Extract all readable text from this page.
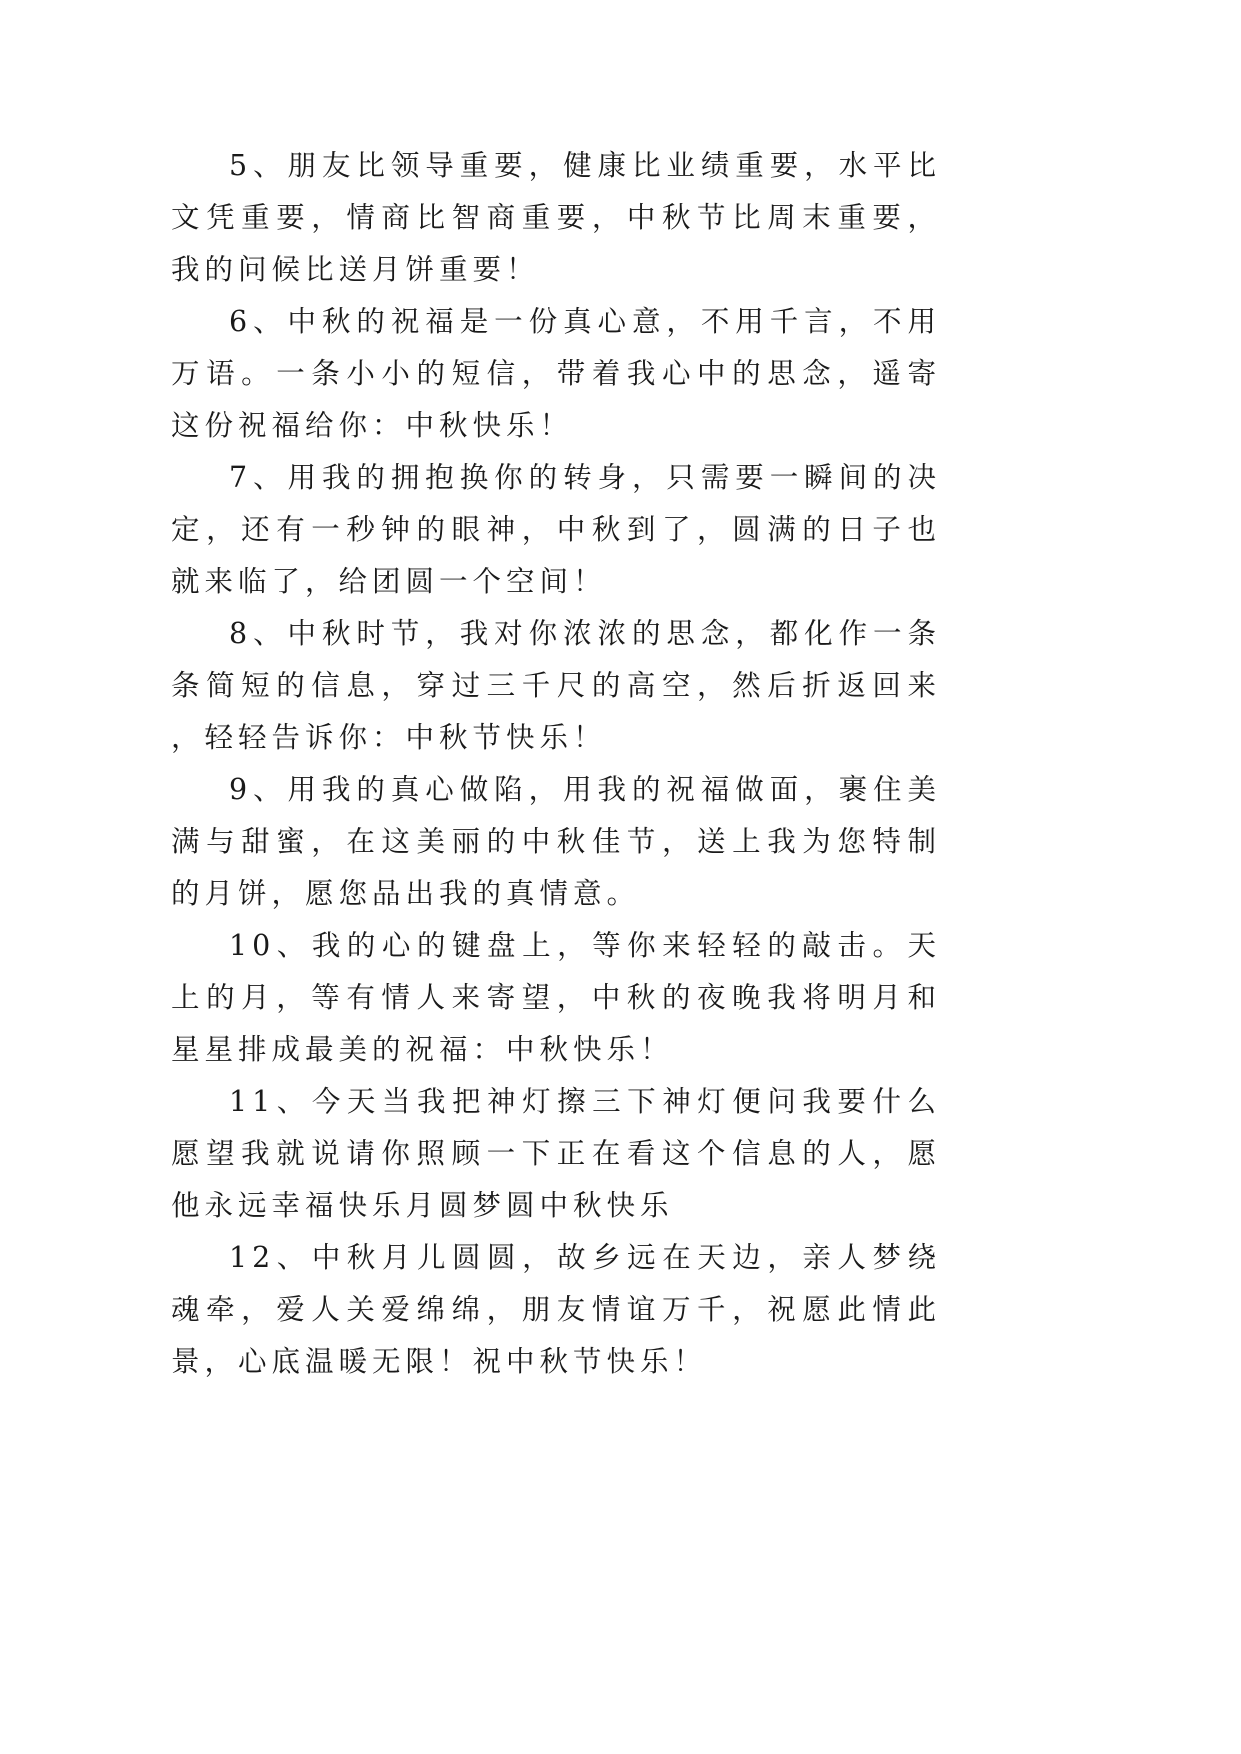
5、朋友比领导重要，健康比业绩重要，水平比文凭重要，情商比智商重要，中秋节比周末重要，我的问候比送月饼重要！

6、中秋的祝福是一份真心意，不用千言，不用万语。一条小小的短信，带着我心中的思念，遥寄这份祝福给你：中秋快乐！

7、用我的拥抱换你的转身，只需要一瞬间的决定，还有一秒钟的眼神，中秋到了，圆满的日子也就来临了，给团圆一个空间！

8、中秋时节，我对你浓浓的思念，都化作一条条简短的信息，穿过三千尺的高空，然后折返回来，轻轻告诉你：中秋节快乐！

9、用我的真心做陷，用我的祝福做面，裹住美满与甜蜜，在这美丽的中秋佳节，送上我为您特制的月饼，愿您品出我的真情意。

10、我的心的键盘上，等你来轻轻的敲击。天上的月，等有情人来寄望，中秋的夜晚我将明月和星星排成最美的祝福：中秋快乐！

11、今天当我把神灯擦三下神灯便问我要什么愿望我就说请你照顾一下正在看这个信息的人，愿他永远幸福快乐月圆梦圆中秋快乐

12、中秋月儿圆圆，故乡远在天边，亲人梦绕魂牵，爱人关爱绵绵，朋友情谊万千，祝愿此情此景，心底温暖无限！祝中秋节快乐！
